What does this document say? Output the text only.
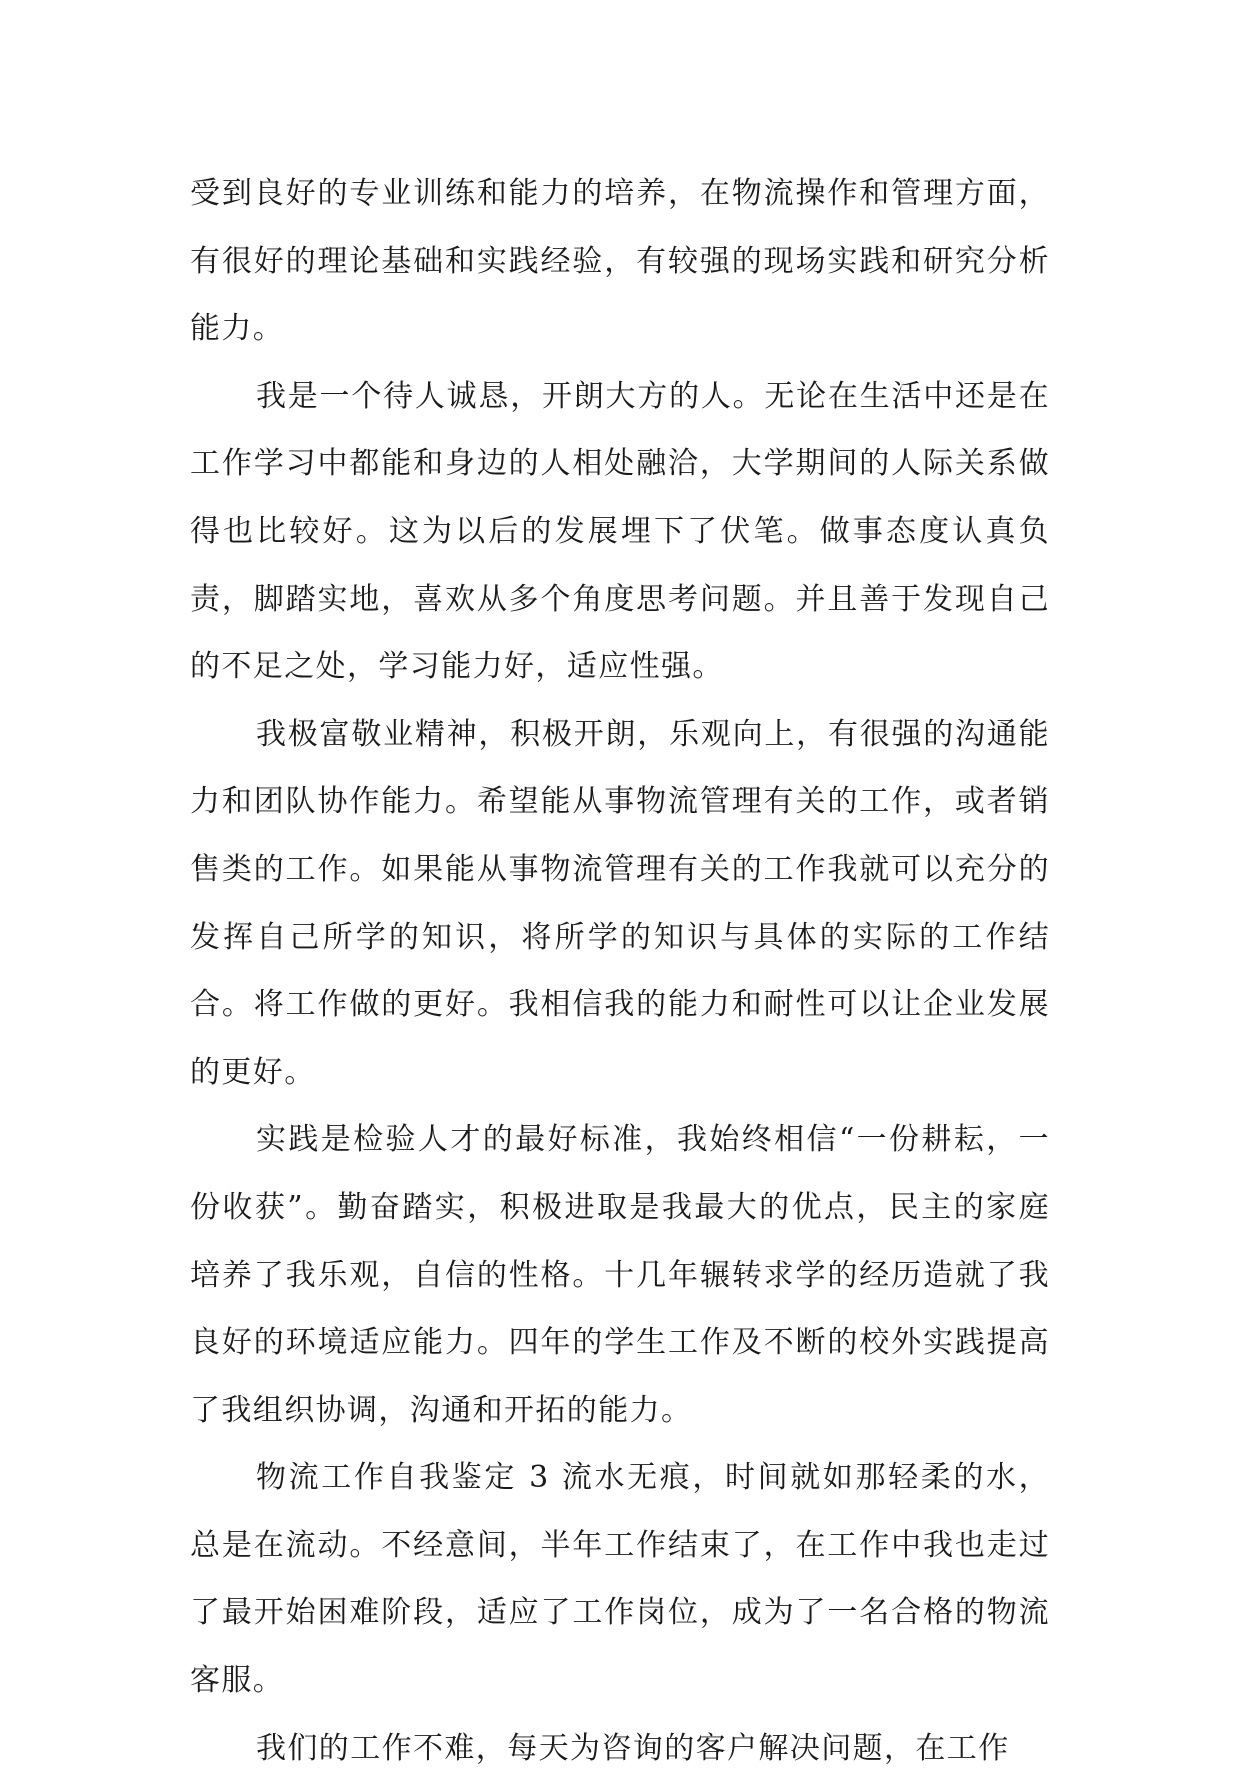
受到良好的专业训练和能力的培养，在物流操作和管理方面，有很好的理论基础和实践经验，有较强的现场实践和研究分析能力。

我是一个待人诚恳，开朗大方的人。无论在生活中还是在工作学习中都能和身边的人相处融洽，大学期间的人际关系做得也比较好。这为以后的发展埋下了伏笔。做事态度认真负责，脚踏实地，喜欢从多个角度思考问题。并且善于发现自己的不足之处，学习能力好，适应性强。

我极富敬业精神，积极开朗，乐观向上，有很强的沟通能力和团队协作能力。希望能从事物流管理有关的工作，或者销售类的工作。如果能从事物流管理有关的工作我就可以充分的发挥自己所学的知识，将所学的知识与具体的实际的工作结合。将工作做的更好。我相信我的能力和耐性可以让企业发展的更好。

实践是检验人才的最好标准，我始终相信“一份耕耘，一份收获”。勤奋踏实，积极进取是我最大的优点，民主的家庭培养了我乐观，自信的性格。十几年辗转求学的经历造就了我良好的环境适应能力。四年的学生工作及不断的校外实践提高了我组织协调，沟通和开拓的能力。

物流工作自我鉴定 3 流水无痕，时间就如那轻柔的水，总是在流动。不经意间，半年工作结束了，在工作中我也走过了最开始困难阶段，适应了工作岗位，成为了一名合格的物流客服。

我们的工作不难，每天为咨询的客户解决问题，在工作
